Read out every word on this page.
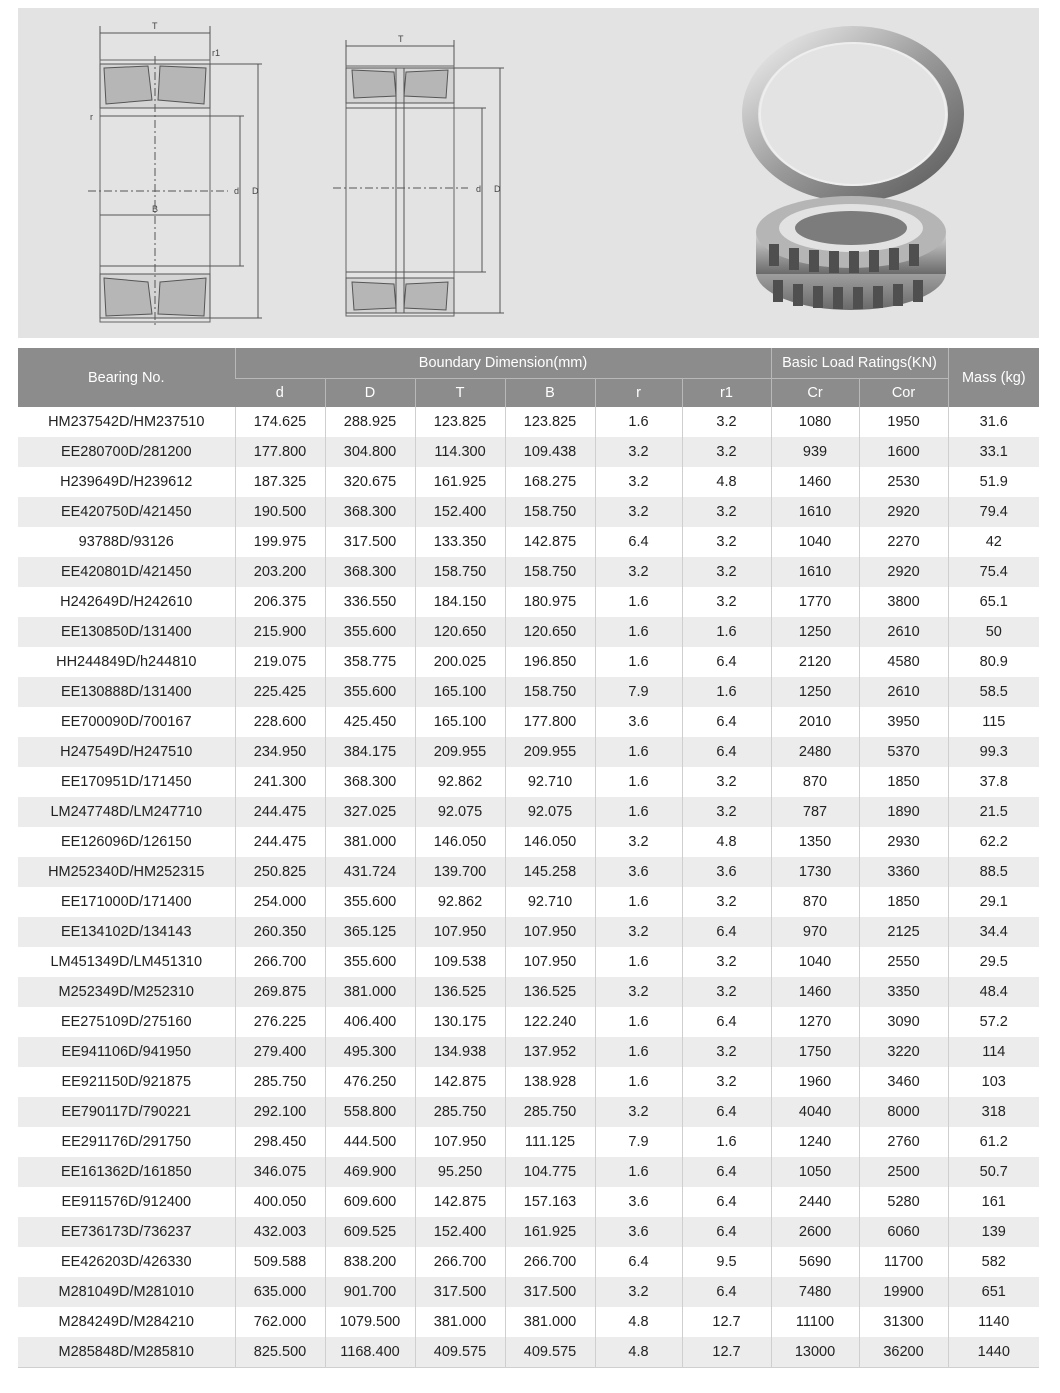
T
r1
r
B
d D
T
d D
Bearing No.	Boundary Dimension(mm)						Basic Load Ratings(KN)		Mass (kg)
	d	D	T	B	r	r1	Cr	Cor	
HM237542D/HM237510	174.625	288.925	123.825	123.825	1.6	3.2	1080	1950	31.6
EE280700D/281200	177.800	304.800	114.300	109.438	3.2	3.2	939	1600	33.1
H239649D/H239612	187.325	320.675	161.925	168.275	3.2	4.8	1460	2530	51.9
EE420750D/421450	190.500	368.300	152.400	158.750	3.2	3.2	1610	2920	79.4
93788D/93126	199.975	317.500	133.350	142.875	6.4	3.2	1040	2270	42
EE420801D/421450	203.200	368.300	158.750	158.750	3.2	3.2	1610	2920	75.4
H242649D/H242610	206.375	336.550	184.150	180.975	1.6	3.2	1770	3800	65.1
EE130850D/131400	215.900	355.600	120.650	120.650	1.6	1.6	1250	2610	50
HH244849D/h244810	219.075	358.775	200.025	196.850	1.6	6.4	2120	4580	80.9
EE130888D/131400	225.425	355.600	165.100	158.750	7.9	1.6	1250	2610	58.5
EE700090D/700167	228.600	425.450	165.100	177.800	3.6	6.4	2010	3950	115
H247549D/H247510	234.950	384.175	209.955	209.955	1.6	6.4	2480	5370	99.3
EE170951D/171450	241.300	368.300	92.862	92.710	1.6	3.2	870	1850	37.8
LM247748D/LM247710	244.475	327.025	92.075	92.075	1.6	3.2	787	1890	21.5
EE126096D/126150	244.475	381.000	146.050	146.050	3.2	4.8	1350	2930	62.2
HM252340D/HM252315	250.825	431.724	139.700	145.258	3.6	3.6	1730	3360	88.5
EE171000D/171400	254.000	355.600	92.862	92.710	1.6	3.2	870	1850	29.1
EE134102D/134143	260.350	365.125	107.950	107.950	3.2	6.4	970	2125	34.4
LM451349D/LM451310	266.700	355.600	109.538	107.950	1.6	3.2	1040	2550	29.5
M252349D/M252310	269.875	381.000	136.525	136.525	3.2	3.2	1460	3350	48.4
EE275109D/275160	276.225	406.400	130.175	122.240	1.6	6.4	1270	3090	57.2
EE941106D/941950	279.400	495.300	134.938	137.952	1.6	3.2	1750	3220	114
EE921150D/921875	285.750	476.250	142.875	138.928	1.6	3.2	1960	3460	103
EE790117D/790221	292.100	558.800	285.750	285.750	3.2	6.4	4040	8000	318
EE291176D/291750	298.450	444.500	107.950	111.125	7.9	1.6	1240	2760	61.2
EE161362D/161850	346.075	469.900	95.250	104.775	1.6	6.4	1050	2500	50.7
EE911576D/912400	400.050	609.600	142.875	157.163	3.6	6.4	2440	5280	161
EE736173D/736237	432.003	609.525	152.400	161.925	3.6	6.4	2600	6060	139
EE426203D/426330	509.588	838.200	266.700	266.700	6.4	9.5	5690	11700	582
M281049D/M281010	635.000	901.700	317.500	317.500	3.2	6.4	7480	19900	651
M284249D/M284210	762.000	1079.500	381.000	381.000	4.8	12.7	11100	31300	1140
M285848D/M285810	825.500	1168.400	409.575	409.575	4.8	12.7	13000	36200	1440
